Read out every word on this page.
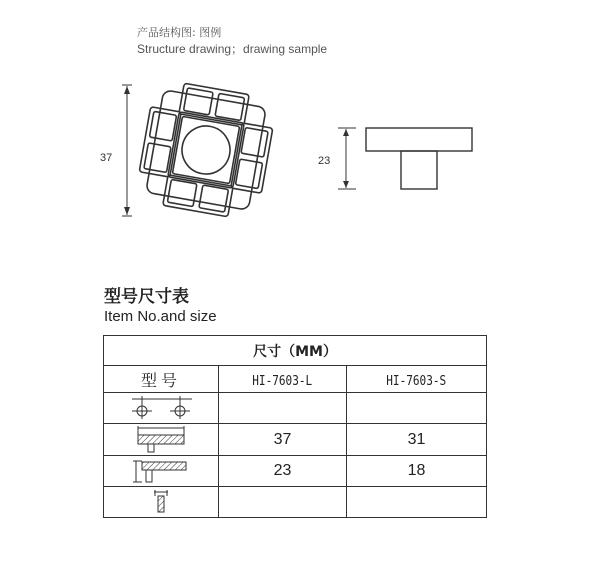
产品结构图: 图例
Structure drawing；drawing sample
37	23
型号尺寸表
Item No.and size
尺寸（MM）		
型号	HI-7603-L	HI-7603-S

	37	31

	23	18
